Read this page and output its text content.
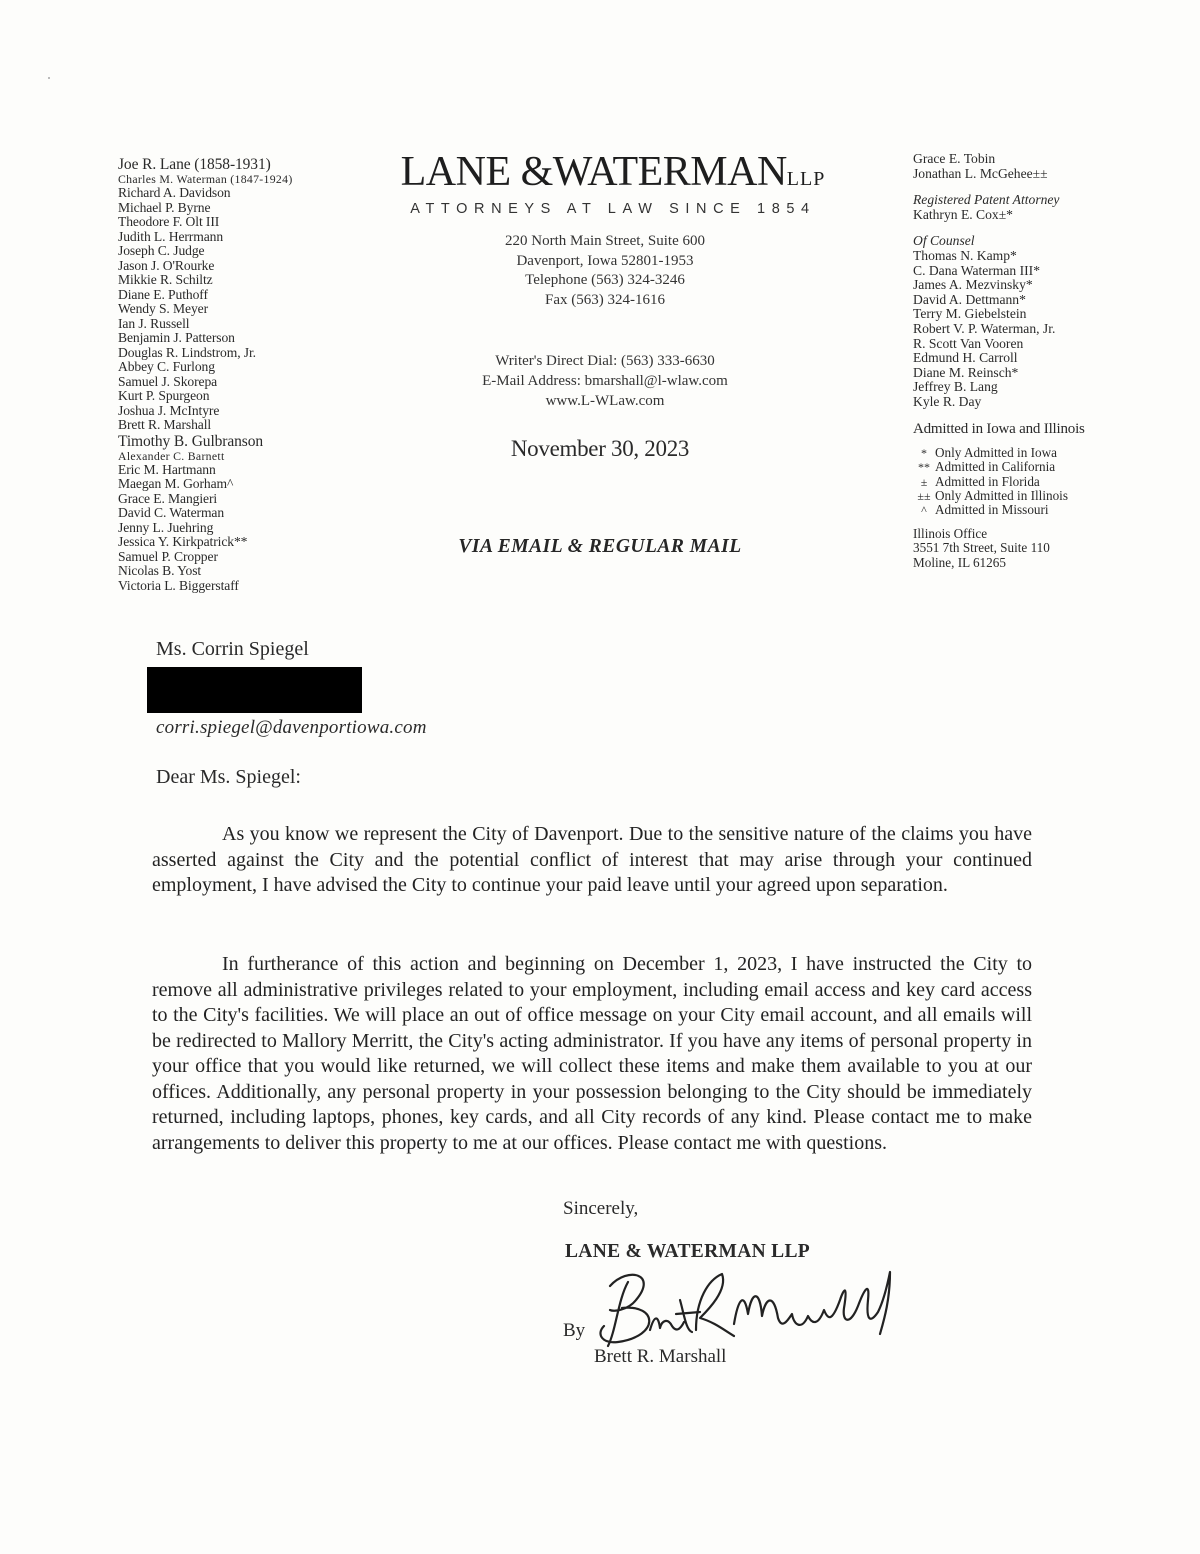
Joe R. Lane (1858-1931)
Charles M. Waterman (1847-1924)
Richard A. Davidson
Michael P. Byrne
Theodore F. Olt III
Judith L. Herrmann
Joseph C. Judge
Jason J. O'Rourke
Mikkie R. Schiltz
Diane E. Puthoff
Wendy S. Meyer
Ian J. Russell
Benjamin J. Patterson
Douglas R. Lindstrom, Jr.
Abbey C. Furlong
Samuel J. Skorepa
Kurt P. Spurgeon
Joshua J. McIntyre
Brett R. Marshall
Timothy B. Gulbranson
Alexander C. Barnett
Eric M. Hartmann
Maegan M. Gorham^
Grace E. Mangieri
David C. Waterman
Jenny L. Juehring
Jessica Y. Kirkpatrick**
Samuel P. Cropper
Nicolas B. Yost
Victoria L. Biggerstaff
LANE &WATERMANLLP
ATTORNEYS AT LAW SINCE 1854
220 North Main Street, Suite 600
Davenport, Iowa 52801-1953
Telephone (563) 324-3246
Fax (563) 324-1616
Writer's Direct Dial: (563) 333-6630
E-Mail Address: bmarshall@l-wlaw.com
www.L-WLaw.com
November 30, 2023
VIA EMAIL & REGULAR MAIL
Grace E. Tobin
Jonathan L. McGehee±±
Registered Patent Attorney
Kathryn E. Cox±*
Of Counsel
Thomas N. Kamp*
C. Dana Waterman III*
James A. Mezvinsky*
David A. Dettmann*
Terry M. Giebelstein
Robert V. P. Waterman, Jr.
R. Scott Van Vooren
Edmund H. Carroll
Diane M. Reinsch*
Jeffrey B. Lang
Kyle R. Day
Admitted in Iowa and Illinois
* Only Admitted in Iowa
** Admitted in California
± Admitted in Florida
±± Only Admitted in Illinois
^ Admitted in Missouri
Illinois Office
3551 7th Street, Suite 110
Moline, IL 61265
Ms. Corrin Spiegel
corri.spiegel@davenportiowa.com
Dear Ms. Spiegel:
As you know we represent the City of Davenport. Due to the sensitive nature of the claims you have asserted against the City and the potential conflict of interest that may arise through your continued employment, I have advised the City to continue your paid leave until your agreed upon separation.
In furtherance of this action and beginning on December 1, 2023, I have instructed the City to remove all administrative privileges related to your employment, including email access and key card access to the City's facilities. We will place an out of office message on your City email account, and all emails will be redirected to Mallory Merritt, the City's acting administrator. If you have any items of personal property in your office that you would like returned, we will collect these items and make them available to you at our offices. Additionally, any personal property in your possession belonging to the City should be immediately returned, including laptops, phones, key cards, and all City records of any kind. Please contact me to make arrangements to deliver this property to me at our offices. Please contact me with questions.
Sincerely,
LANE & WATERMAN LLP
By
Brett R. Marshall
